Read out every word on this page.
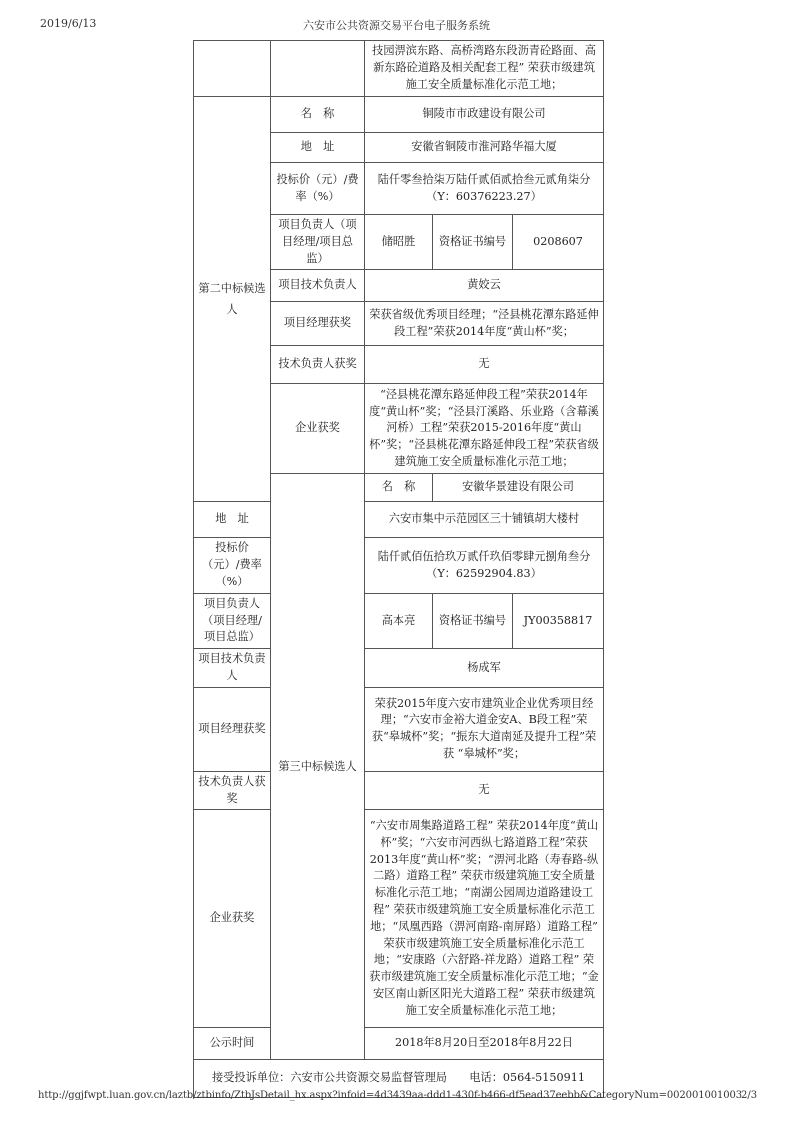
2019/6/13	六安市公共资源交易平台电子服务系统
		技园淠滨东路、高桥湾路东段沥青砼路面、高新东路砼道路及相关配套工程” 荣获市级建筑施工安全质量标准化示范工地；		
第二中标候选人	名　称	铜陵市市政建设有限公司		
	地　址	安徽省铜陵市淮河路华福大厦		
	投标价（元）/费率（%）	陆仟零叁拾柒万陆仟贰佰贰拾叁元贰角柒分
（Y：60376223.27）		

	项目负责人（项目经理/项目总监）	储昭胜	资格证书编号	0208607
	项目技术负责人	黄姣云		
	项目经理获奖	荣获省级优秀项目经理；“泾县桃花潭东路延伸段工程”荣获2014年度“黄山杯”奖；		
	技术负责人获奖	无		
	企业获奖	“泾县桃花潭东路延伸段工程”荣获2014年度“黄山杯”奖；“泾县汀溪路、乐业路（含幕溪河桥）工程”荣获2015-2016年度“黄山杯”奖；“泾县桃花潭东路延伸段工程”荣获省级建筑施工安全质量标准化示范工地；		
	第三中标候选人	名　称	安徽华景建设有限公司	
地　址		六安市集中示范园区三十铺镇胡大楼村		
投标价（元）/费率（%）		陆仟贰佰伍拾玖万贰仟玖佰零肆元捌角叁分
（Y：62592904.83）		

项目负责人（项目经理/项目总监）		高本亮	资格证书编号	JY00358817
项目技术负责人		杨成军		
项目经理获奖		荣获2015年度六安市建筑业企业优秀项目经理；“六安市金裕大道金安A、B段工程”荣获“皋城杯”奖；“振东大道南延及提升工程”荣获 “皋城杯”奖；		
技术负责人获奖		无		
企业获奖		“六安市周集路道路工程” 荣获2014年度“黄山杯”奖；“六安市河西纵七路道路工程”荣获2013年度“黄山杯”奖；“淠河北路（寿春路-纵二路）道路工程” 荣获市级建筑施工安全质量标准化示范工地；“南湖公园周边道路建设工程” 荣获市级建筑施工安全质量标准化示范工地；“凤凰西路（淠河南路-南屏路）道路工程” 荣获市级建筑施工安全质量标准化示范工地；“安康路（六舒路-祥龙路）道路工程” 荣获市级建筑施工安全质量标准化示范工地；“金安区南山新区阳光大道路工程” 荣获市级建筑施工安全质量标准化示范工地；		
公示时间		2018年8月20日至2018年8月22日		
接受投诉单位：六安市公共资源交易监督管理局　　电话：0564-5150911				
http://ggjfwpt.luan.gov.cn/laztb/ztbinfo/ZtbJsDetail_hx.aspx?infoid=4d3439aa-ddd1-430f-b466-df5ead37eebb&CategoryNum=002001001003
2/3
